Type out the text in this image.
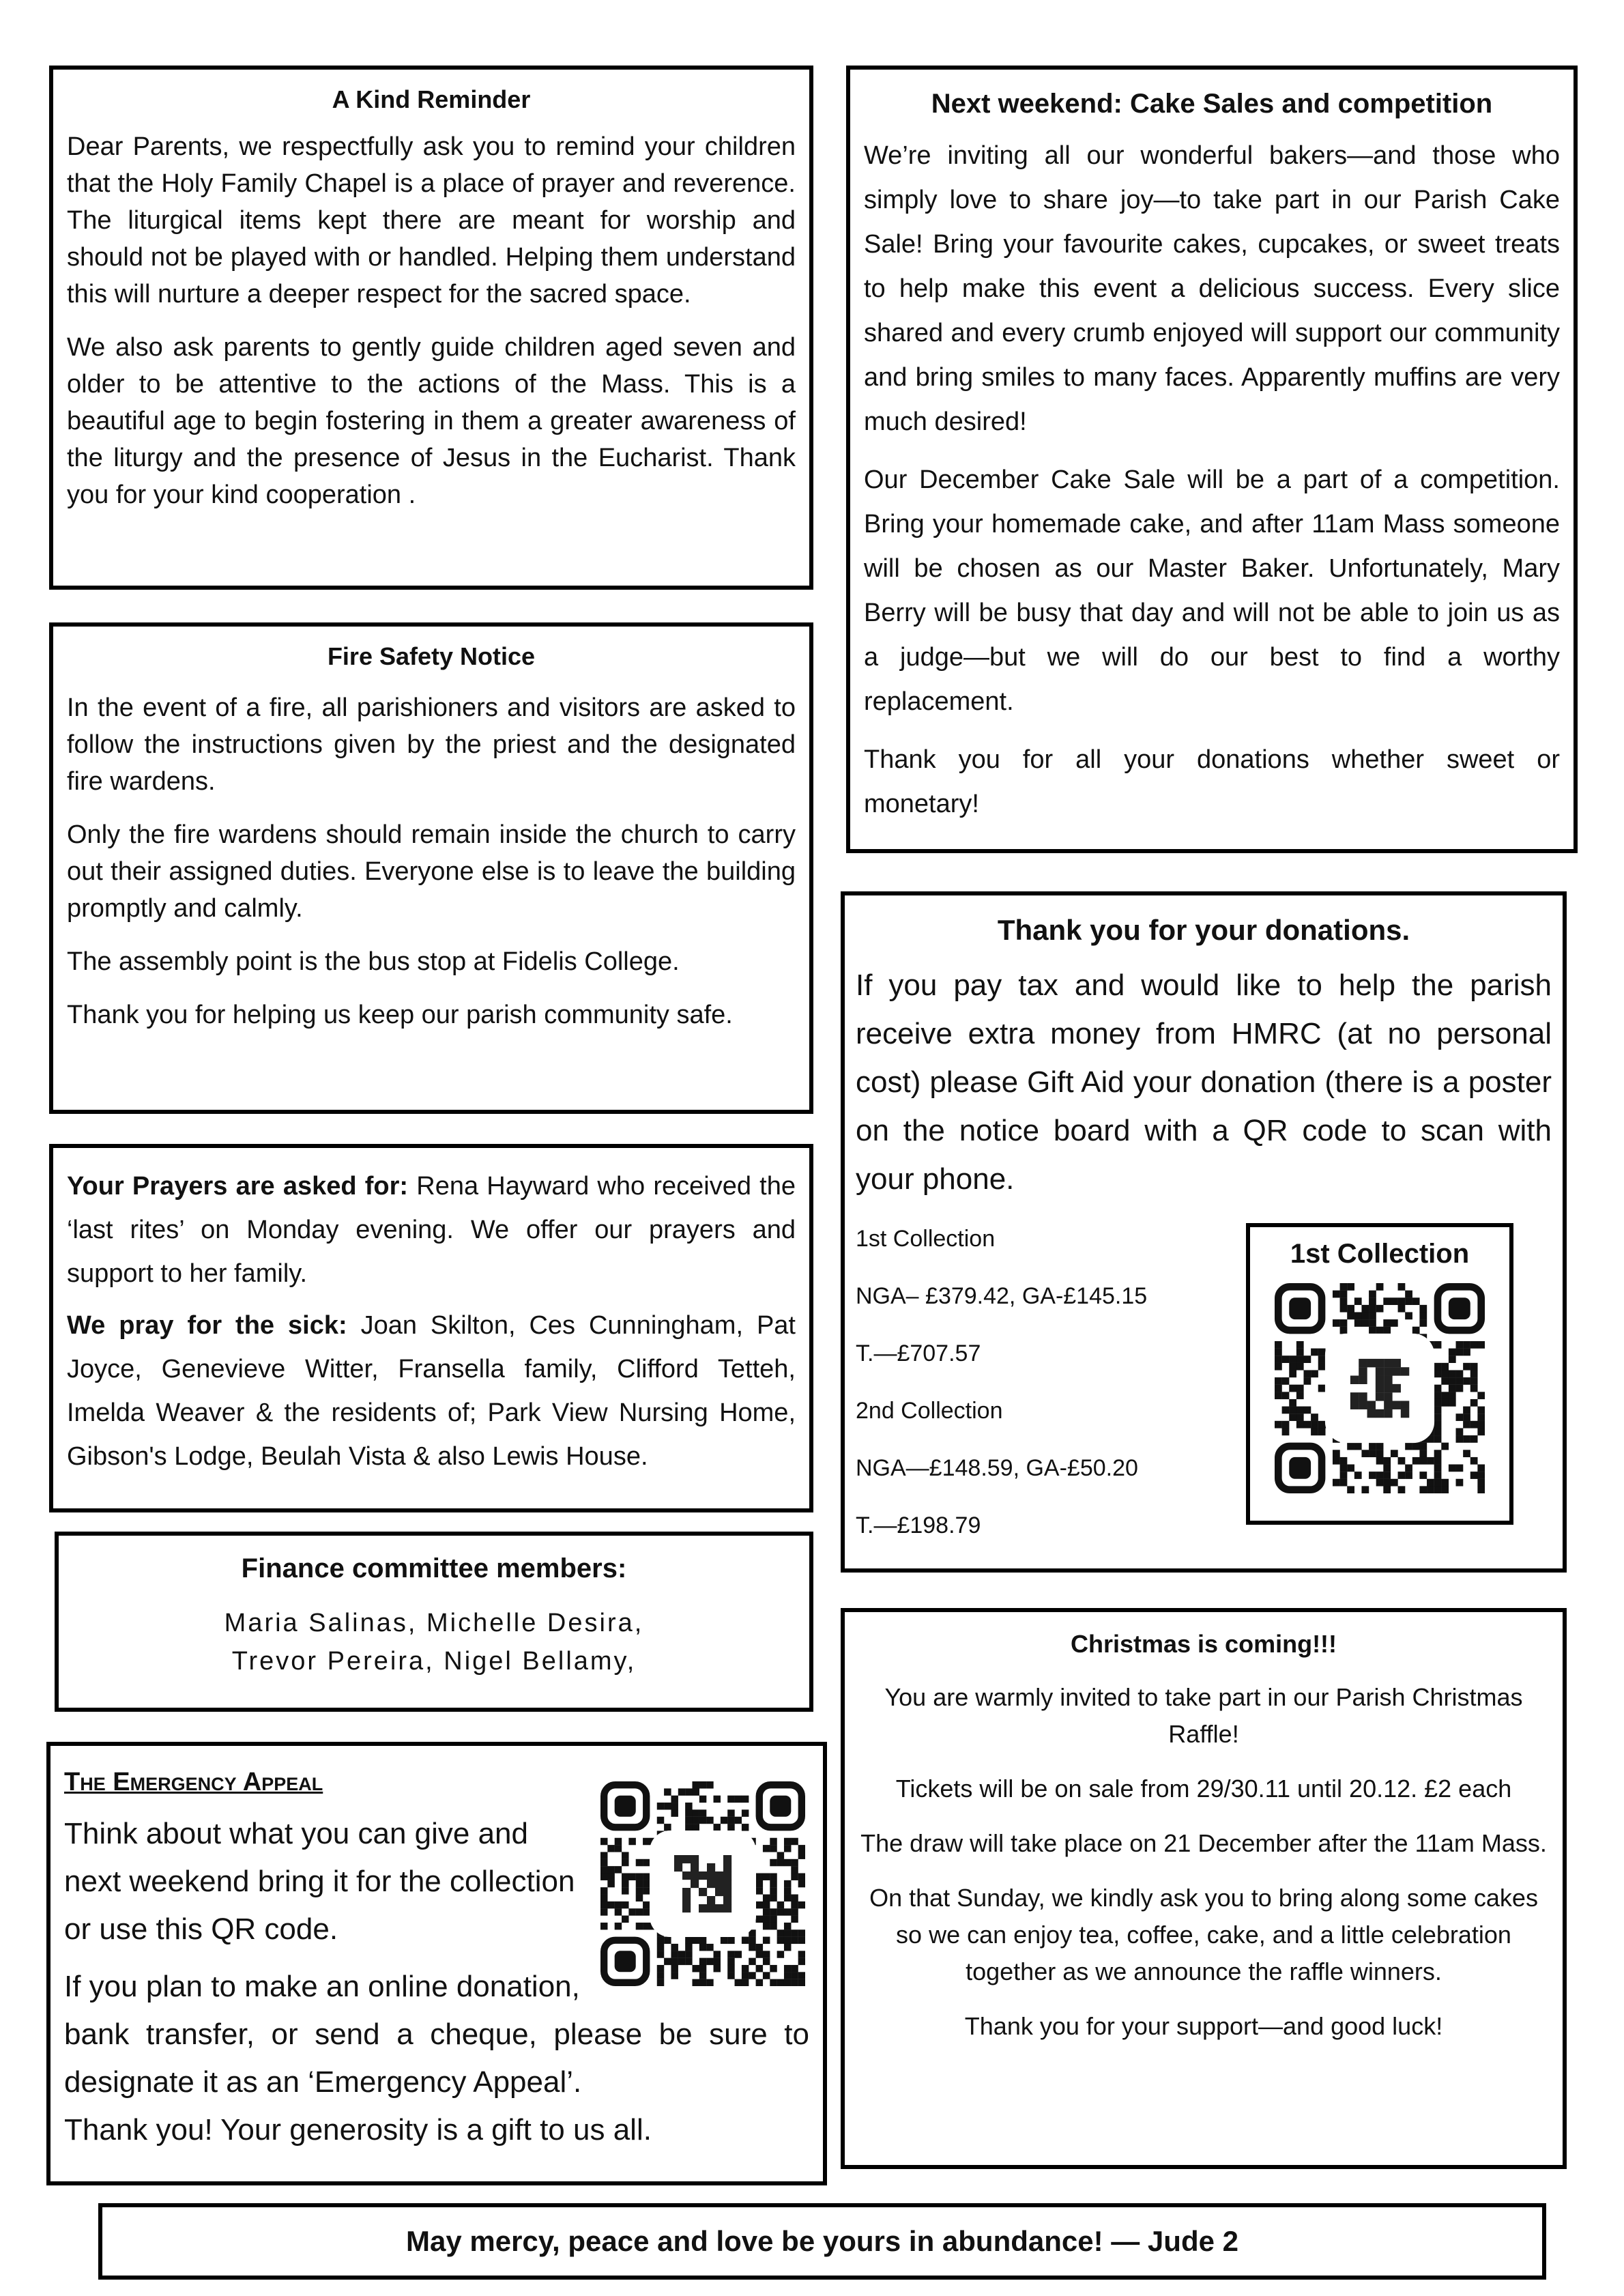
A Kind Reminder

Dear Parents, we respectfully ask you to remind your children that the Holy Family Chapel is a place of prayer and reverence. The liturgical items kept there are meant for worship and should not be played with or handled. Helping them understand this will nurture a deeper respect for the sacred space.

We also ask parents to gently guide children aged seven and older to be attentive to the actions of the Mass. This is a beautiful age to begin fostering in them a greater awareness of the liturgy and the presence of Jesus in the Eucharist. Thank you for your kind cooperation .

Fire Safety Notice

In the event of a fire, all parishioners and visitors are asked to follow the instructions given by the priest and the designated fire wardens.

Only the fire wardens should remain inside the church to carry out their assigned duties. Everyone else is to leave the building promptly and calmly.

The assembly point is the bus stop at Fidelis College.

Thank you for helping us keep our parish community safe.

Your Prayers are asked for: Rena Hayward who received the ‘last rites’ on Monday evening. We offer our prayers and support to her family.

We pray for the sick: Joan Skilton, Ces Cunningham, Pat Joyce, Genevieve Witter, Fransella family, Clifford Tetteh, Imelda Weaver & the residents of; Park View Nursing Home, Gibson's Lodge, Beulah Vista & also Lewis House.

Finance committee members:

Maria Salinas, Michelle Desira,

Trevor Pereira, Nigel Bellamy,

The Emergency Appeal

Think about what you can give and

next weekend bring it for the collection

or use this QR code.

If you plan to make an online donation,

bank transfer, or send a cheque, please be sure to designate it as an ‘Emergency Appeal’.

Thank you! Your generosity is a gift to us all.

Next weekend: Cake Sales and competition

We’re inviting all our wonderful bakers—and those who simply love to share joy—to take part in our Parish Cake Sale! Bring your favourite cakes, cupcakes, or sweet treats to help make this event a delicious success. Every slice shared and every crumb enjoyed will support our community and bring smiles to many faces. Apparently muffins are very much desired!

Our December Cake Sale will be a part of a competition. Bring your homemade cake, and after 11am Mass someone will be chosen as our Master Baker. Unfortunately, Mary Berry will be busy that day and will not be able to join us as a judge—but we will do our best to find a worthy replacement.

Thank you for all your donations whether sweet or monetary!

Thank you for your donations.

If you pay tax and would like to help the parish receive extra money from HMRC (at no personal cost) please Gift Aid your donation (there is a poster on the notice board with a QR code to scan with your phone.

1st Collection

NGA– £379.42, GA-£145.15

T.—£707.57

2nd Collection

NGA—£148.59, GA-£50.20

T.—£198.79

1st Collection

Christmas is coming!!!

You are warmly invited to take part in our Parish Christmas Raffle!

Tickets will be on sale from 29/30.11 until 20.12. £2 each

The draw will take place on 21 December after the 11am Mass.

On that Sunday, we kindly ask you to bring along some cakes so we can enjoy tea, coffee, cake, and a little celebration together as we announce the raffle winners.

Thank you for your support—and good luck!

May mercy, peace and love be yours in abundance! — Jude 2
